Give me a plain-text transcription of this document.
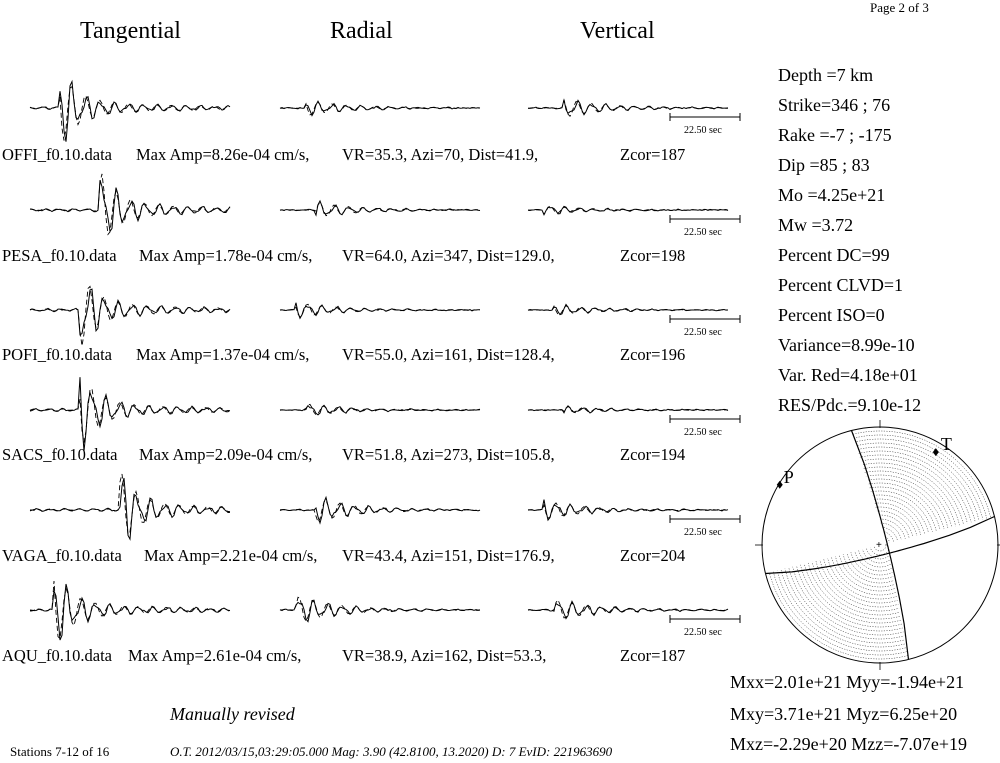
Page 2 of 3
Tangential	Radial	Vertical
22.50 sec
22.50 sec
22.50 sec
22.50 sec
22.50 sec
22.50 sec
OFFI_f0.10.data Max Amp=8.26e-04 cm/s, VR=35.3, Azi=70, Dist=41.9,	Zcor=187
PESA_f0.10.data Max Amp=1.78e-04 cm/s, VR=64.0, Azi=347, Dist=129.0,	Zcor=198
POFI_f0.10.data Max Amp=1.37e-04 cm/s, VR=55.0, Azi=161, Dist=128.4,	Zcor=196
SACS_f0.10.data Max Amp=2.09e-04 cm/s, VR=51.8, Azi=273, Dist=105.8,	Zcor=194
VAGA_f0.10.data Max Amp=2.21e-04 cm/s, VR=43.4, Azi=151, Dist=176.9,	Zcor=204
AQU_f0.10.data Max Amp=2.61e-04 cm/s, VR=38.9, Azi=162, Dist=53.3,	Zcor=187
Depth =7 km
Strike=346 ; 76
Rake =-7 ; -175
Dip =85 ; 83
Mo =4.25e+21
Mw =3.72
Percent DC=99
Percent CLVD=1
Percent ISO=0
Variance=8.99e-10
Var. Red=4.18e+01
RES/Pdc.=9.10e-12
+
P
T
Mxx=2.01e+21 Myy=-1.94e+21
Mxy=3.71e+21 Myz=6.25e+20
Mxz=-2.29e+20 Mzz=-7.07e+19
Manually revised
Stations 7-12 of 16	O.T. 2012/03/15,03:29:05.000 Mag: 3.90 (42.8100, 13.2020) D: 7 EvID: 221963690
